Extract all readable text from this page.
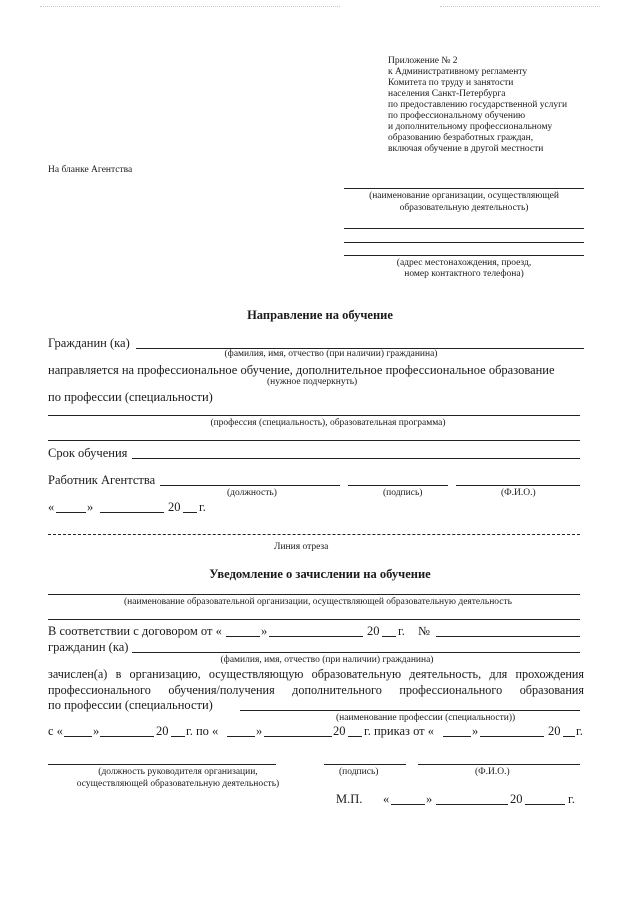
Приложение № 2
к Административному регламенту
Комитета по труду и занятости
населения Санкт-Петербурга
по предоставлению государственной услуги
по профессиональному обучению
и дополнительному профессиональному
образованию безработных граждан,
включая обучение в другой местности
На бланке Агентства
(наименование организации, осуществляющей
образовательную деятельность)
(адрес местонахождения, проезд,
номер контактного телефона)
Направление на обучение
Гражданин (ка)
(фамилия, имя, отчество (при наличии) гражданина)
направляется на профессиональное обучение, дополнительное профессиональное образование
(нужное подчеркнуть)
по профессии (специальности)
(профессия (специальность), образовательная программа)
Срок обучения
Работник Агентства
(должность)	(подпись)	(Ф.И.О.)
«	»	20 г.
Линия отреза
Уведомление о зачислении на обучение
(наименование образовательной организации, осуществляющей образовательную деятельность
В соответствии с договором от «	»	20 г. №
гражданин (ка)
(фамилия, имя, отчество (при наличии) гражданина)
зачислен(а) в организацию, осуществляющую образовательную деятельность, для прохождения
профессионального обучения/получения дополнительного профессионального образования
по профессии (специальности)
(наименование профессии (специальности))
с « »	20 г. по «	»	20 г. приказ от «	»	20 г.
(должность руководителя организации,
осуществляющей образовательную деятельность)
(подпись)	(Ф.И.О.)
М.П. «	»	20	г.
